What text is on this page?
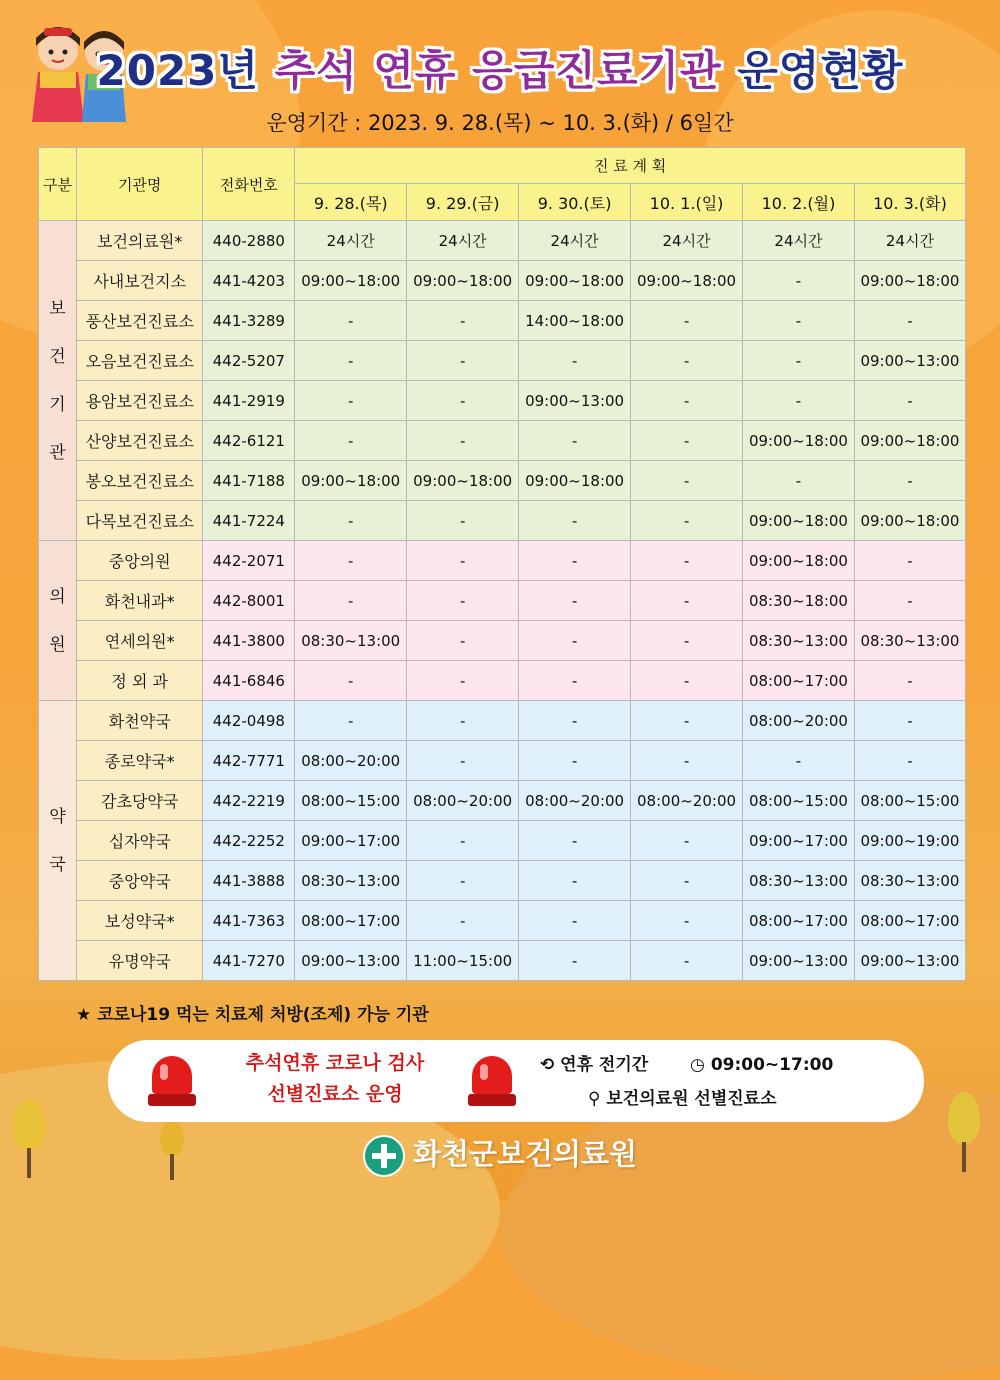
2023년 추석 연휴 응급진료기관 운영현황
운영기간 : 2023. 9. 28.(목) ~ 10. 3.(화) / 6일간
구분	기관명	전화번호	진 료 계 획					
			9. 28.(목)	9. 29.(금)	9. 30.(토)	10. 1.(일)	10. 2.(월)	10. 3.(화)

보
건
기
관	보건의료원*	440-2880	24시간	24시간	24시간	24시간	24시간	24시간
	사내보건지소	441-4203	09:00~18:00	09:00~18:00	09:00~18:00	09:00~18:00	-	09:00~18:00
	풍산보건진료소	441-3289	-	-	14:00~18:00	-	-	-
	오음보건진료소	442-5207	-	-	-	-	-	09:00~13:00
	용암보건진료소	441-2919	-	-	09:00~13:00	-	-	-
	산양보건진료소	442-6121	-	-	-	-	09:00~18:00	09:00~18:00
	봉오보건진료소	441-7188	09:00~18:00	09:00~18:00	09:00~18:00	-	-	-
	다목보건진료소	441-7224	-	-	-	-	09:00~18:00	09:00~18:00

의
원	중앙의원	442-2071	-	-	-	-	09:00~18:00	-
	화천내과*	442-8001	-	-	-	-	08:30~18:00	-
	연세의원*	441-3800	08:30~13:00	-	-	-	08:30~13:00	08:30~13:00
	정 외 과	441-6846	-	-	-	-	08:00~17:00	-

약
국	화천약국	442-0498	-	-	-	-	08:00~20:00	-
	종로약국*	442-7771	08:00~20:00	-	-	-	-	-
	감초당약국	442-2219	08:00~15:00	08:00~20:00	08:00~20:00	08:00~20:00	08:00~15:00	08:00~15:00
	십자약국	442-2252	09:00~17:00	-	-	-	09:00~17:00	09:00~19:00
	중앙약국	441-3888	08:30~13:00	-	-	-	08:30~13:00	08:30~13:00
	보성약국*	441-7363	08:00~17:00	-	-	-	08:00~17:00	08:00~17:00
	유명약국	441-7270	09:00~13:00	11:00~15:00	-	-	09:00~13:00	09:00~13:00
★ 코로나19 먹는 치료제 처방(조제) 가능 기관
추석연휴 코로나 검사
선별진료소 운영
⟲ 연휴 전기간 ◷ 09:00~17:00
⚲ 보건의료원 선별진료소
화천군보건의료원
